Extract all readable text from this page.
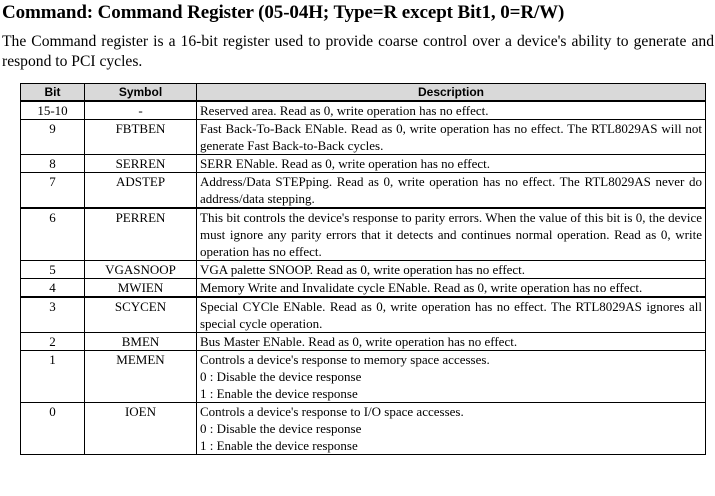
Command: Command Register (05-04H; Type=R except Bit1, 0=R/W)
The Command register is a 16-bit register used to provide coarse control over a device's ability to generate and respond to PCI cycles.
Bit	Symbol	Description
15-10	-	Reserved area. Read as 0, write operation has no effect.

9	FBTBEN	Fast Back-To-Back ENable. Read as 0, write operation has no effect. The RTL8029AS will not generate Fast Back-to-Back cycles.

8	SERREN	SERR ENable. Read as 0, write operation has no effect.

7	ADSTEP	Address/Data STEPping. Read as 0, write operation has no effect. The RTL8029AS never do address/data stepping.

6	PERREN	This bit controls the device's response to parity errors. When the value of this bit is 0, the device must ignore any parity errors that it detects and continues normal operation. Read as 0, write operation has no effect.

5	VGASNOOP	VGA palette SNOOP. Read as 0, write operation has no effect.

4	MWIEN	Memory Write and Invalidate cycle ENable. Read as 0, write operation has no effect.

3	SCYCEN	Special CYCle ENable. Read as 0, write operation has no effect. The RTL8029AS ignores all special cycle operation.

2	BMEN	Bus Master ENable. Read as 0, write operation has no effect.

1	MEMEN	Controls a device's response to memory space accesses.
0 : Disable the device response
1 : Enable the device response

0	IOEN	Controls a device's response to I/O space accesses.
0 : Disable the device response
1 : Enable the device response
